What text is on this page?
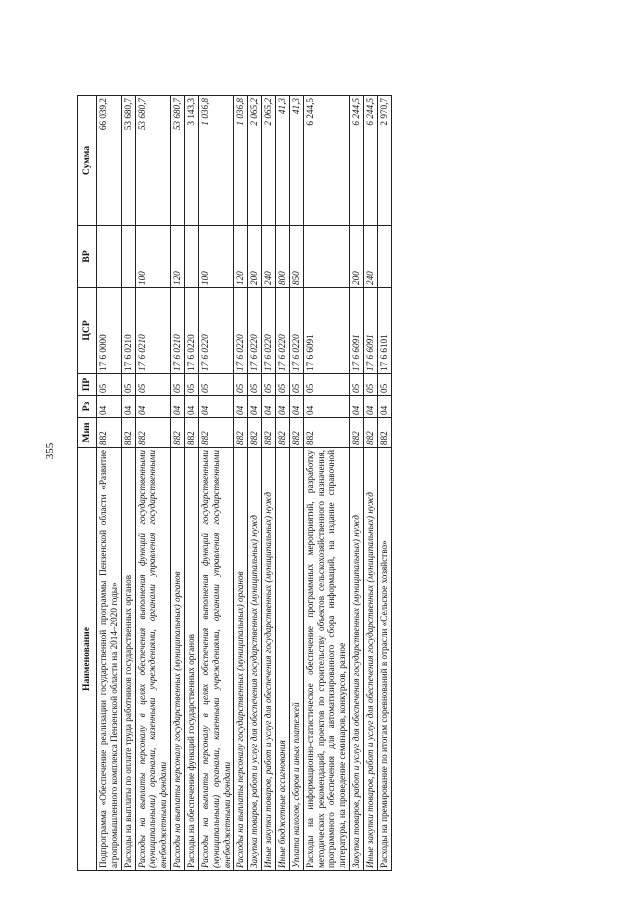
355
Наименование	Мин	Рз	ПР	ЦСР	ВР	Сумма
Подпрограмма «Обеспечение реализации государственной программы Пензенской области «Развитие агропромышленного комплекса Пензенской области на 2014–2020 годы»	882	04	05	17 6 0000		66 039,2
Расходы на выплаты по оплате труда работников государственных органов	882	04	05	17 6 0210		53 680,7
Расходы на выплаты персоналу в целях обеспечения выполнения функций государственными (муниципальными) органами, казенными учреждениями, органами управления государственными внебюджетными фондами	882	04	05	17 6 0210	100	53 680,7
Расходы на выплаты персоналу государственных (муниципальных) органов	882	04	05	17 6 0210	120	53 680,7
Расходы на обеспечение функций государственных органов	882	04	05	17 6 0220		3 143,3
Расходы на выплаты персоналу в целях обеспечения выполнения функций государственными (муниципальными) органами, казенными учреждениями, органами управления государственными внебюджетными фондами	882	04	05	17 6 0220	100	1 036,8
Расходы на выплаты персоналу государственных (муниципальных) органов	882	04	05	17 6 0220	120	1 036,8
Закупка товаров, работ и услуг для обеспечения государственных (муниципальных) нужд	882	04	05	17 6 0220	200	2 065,2
Иные закупки товаров, работ и услуг для обеспечения государственных (муниципальных) нужд	882	04	05	17 6 0220	240	2 065,2
Иные бюджетные ассигнования	882	04	05	17 6 0220	800	41,3
Уплата налогов, сборов и иных платежей	882	04	05	17 6 0220	850	41,3
Расходы на информационно-статистическое обеспечение программных мероприятий, разработку методических рекомендаций, проектов по строительству объектов сельскохозяйственного назначения, программного обеспечения для автоматизированного сбора информаций, на издание справочной литературы, на проведение семинаров, конкурсов, разное	882	04	05	17 6 6091		6 244,5
Закупка товаров, работ и услуг для обеспечения государственных (муниципальных) нужд	882	04	05	17 6 6091	200	6 244,5
Иные закупки товаров, работ и услуг для обеспечения государственных (муниципальных) нужд	882	04	05	17 6 6091	240	6 244,5
Расходы на премирование по итогам соревнований в отрасли «Сельское хозяйство»	882	04	05	17 6 6101		2 970,7
